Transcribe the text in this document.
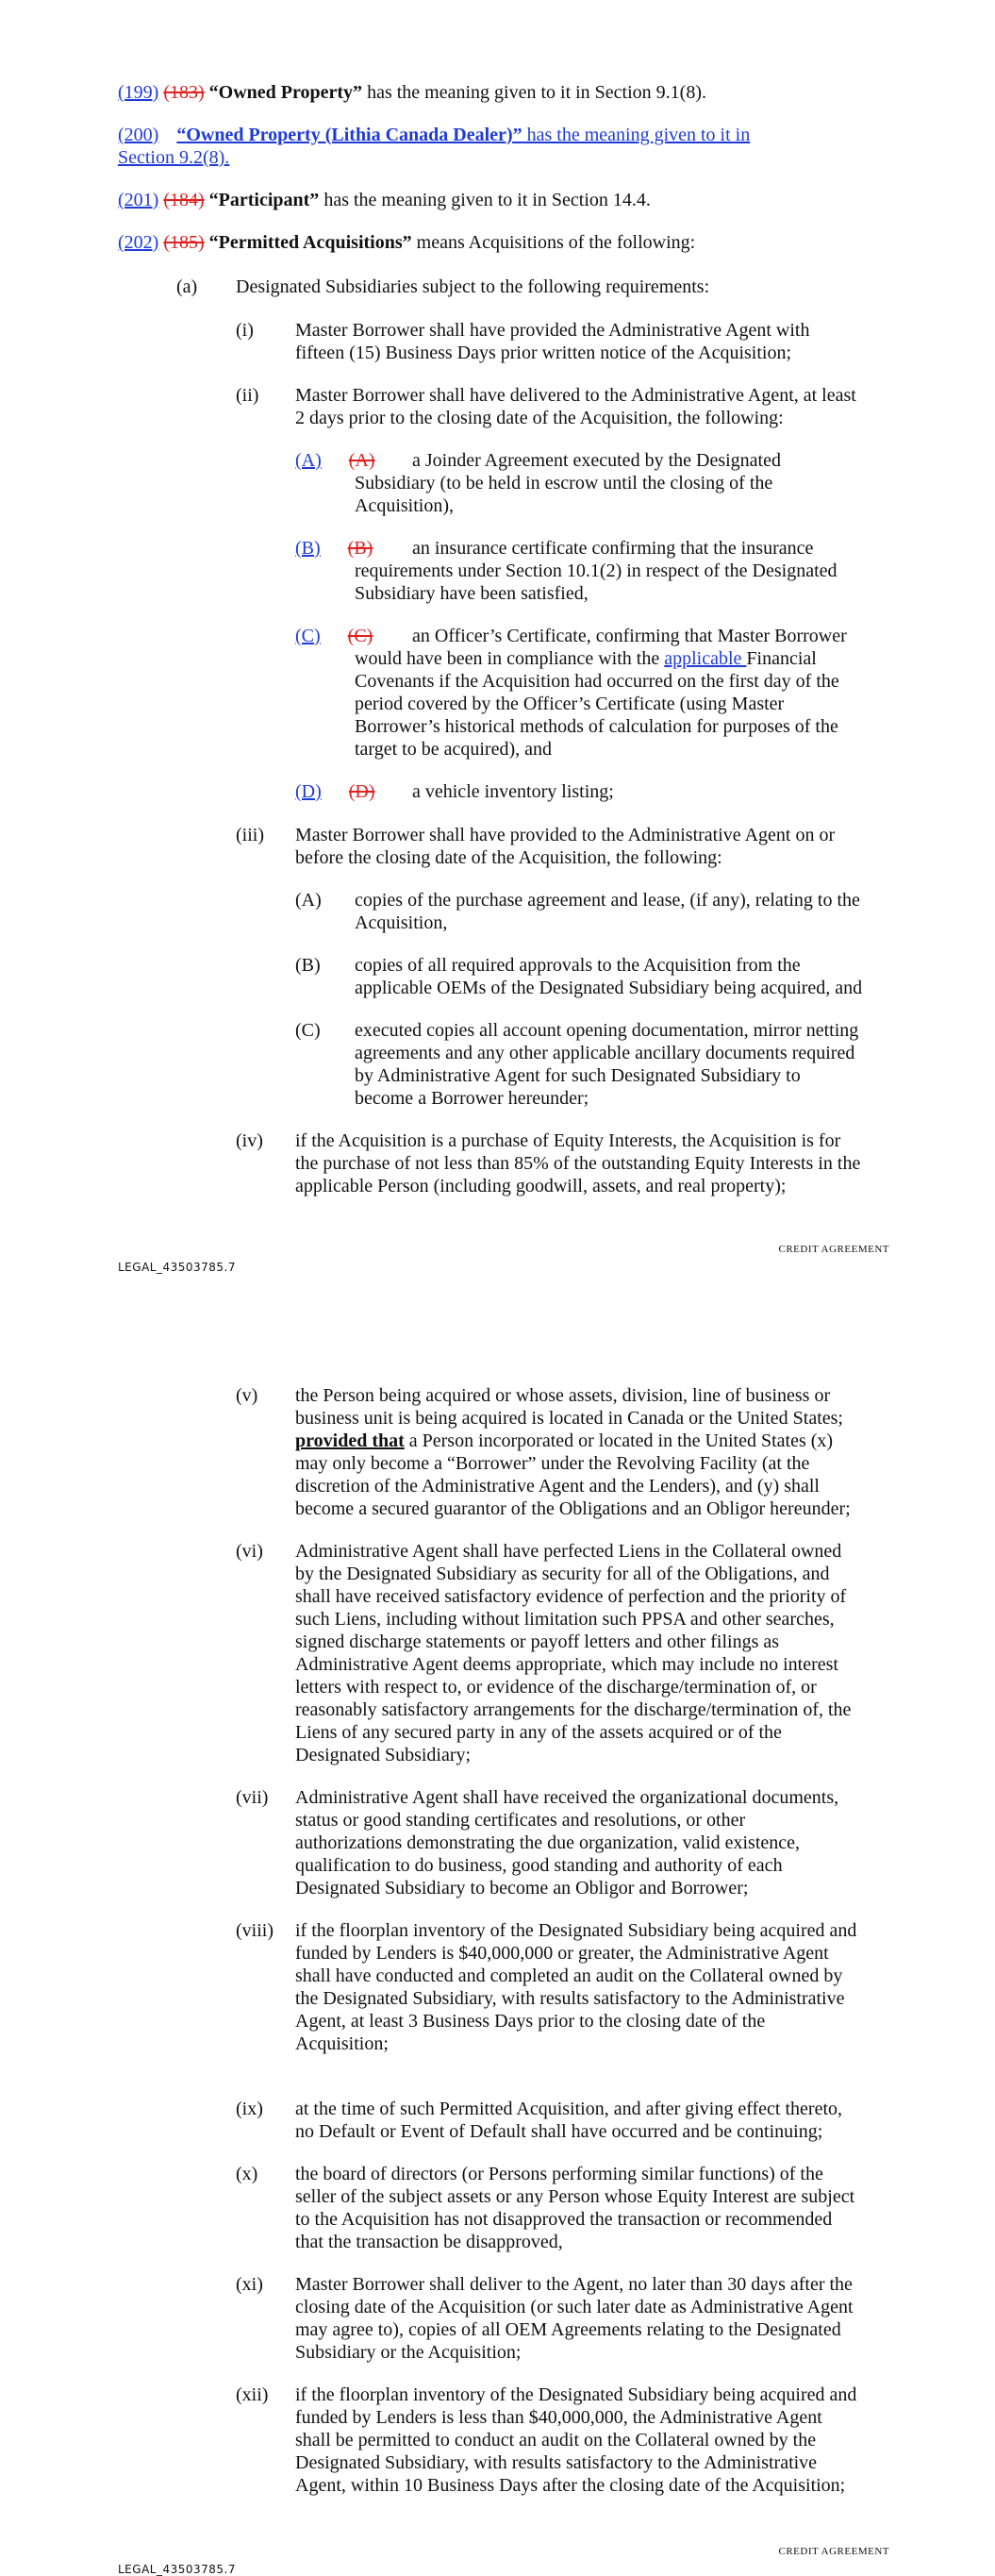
(199) (183) “Owned Property” has the meaning given to it in Section 9.1(8).

(200) “Owned Property (Lithia Canada Dealer)” has the meaning given to it in

Section 9.2(8).

(201) (184) “Participant” has the meaning given to it in Section 14.4.

(202) (185) “Permitted Acquisitions” means Acquisitions of the following:

(a) Designated Subsidiaries subject to the following requirements:

(i) Master Borrower shall have provided the Administrative Agent with

fifteen (15) Business Days prior written notice of the Acquisition;

(ii) Master Borrower shall have delivered to the Administrative Agent, at least

2 days prior to the closing date of the Acquisition, the following:

(A) (A) a Joinder Agreement executed by the Designated

Subsidiary (to be held in escrow until the closing of the

Acquisition),

(B) (B) an insurance certificate confirming that the insurance

requirements under Section 10.1(2) in respect of the Designated

Subsidiary have been satisfied,

(C) (C) an Officer’s Certificate, confirming that Master Borrower

would have been in compliance with the applicable Financial

Covenants if the Acquisition had occurred on the first day of the

period covered by the Officer’s Certificate (using Master

Borrower’s historical methods of calculation for purposes of the

target to be acquired), and

(D) (D) a vehicle inventory listing;

(iii) Master Borrower shall have provided to the Administrative Agent on or

before the closing date of the Acquisition, the following:

(A) copies of the purchase agreement and lease, (if any), relating to the

Acquisition,

(B) copies of all required approvals to the Acquisition from the

applicable OEMs of the Designated Subsidiary being acquired, and

(C) executed copies all account opening documentation, mirror netting

agreements and any other applicable ancillary documents required

by Administrative Agent for such Designated Subsidiary to

become a Borrower hereunder;

(iv) if the Acquisition is a purchase of Equity Interests, the Acquisition is for

the purchase of not less than 85% of the outstanding Equity Interests in the

applicable Person (including goodwill, assets, and real property);

CREDIT AGREEMENT
LEGAL_43503785.7

(v) the Person being acquired or whose assets, division, line of business or

business unit is being acquired is located in Canada or the United States;

provided that a Person incorporated or located in the United States (x)

may only become a “Borrower” under the Revolving Facility (at the

discretion of the Administrative Agent and the Lenders), and (y) shall

become a secured guarantor of the Obligations and an Obligor hereunder;

(vi) Administrative Agent shall have perfected Liens in the Collateral owned

by the Designated Subsidiary as security for all of the Obligations, and

shall have received satisfactory evidence of perfection and the priority of

such Liens, including without limitation such PPSA and other searches,

signed discharge statements or payoff letters and other filings as

Administrative Agent deems appropriate, which may include no interest

letters with respect to, or evidence of the discharge/termination of, or

reasonably satisfactory arrangements for the discharge/termination of, the

Liens of any secured party in any of the assets acquired or of the

Designated Subsidiary;

(vii) Administrative Agent shall have received the organizational documents,

status or good standing certificates and resolutions, or other

authorizations demonstrating the due organization, valid existence,

qualification to do business, good standing and authority of each

Designated Subsidiary to become an Obligor and Borrower;

(viii) if the floorplan inventory of the Designated Subsidiary being acquired and

funded by Lenders is $40,000,000 or greater, the Administrative Agent

shall have conducted and completed an audit on the Collateral owned by

the Designated Subsidiary, with results satisfactory to the Administrative

Agent, at least 3 Business Days prior to the closing date of the

Acquisition;

(ix) at the time of such Permitted Acquisition, and after giving effect thereto,

no Default or Event of Default shall have occurred and be continuing;

(x) the board of directors (or Persons performing similar functions) of the

seller of the subject assets or any Person whose Equity Interest are subject

to the Acquisition has not disapproved the transaction or recommended

that the transaction be disapproved,

(xi) Master Borrower shall deliver to the Agent, no later than 30 days after the

closing date of the Acquisition (or such later date as Administrative Agent

may agree to), copies of all OEM Agreements relating to the Designated

Subsidiary or the Acquisition;

(xii) if the floorplan inventory of the Designated Subsidiary being acquired and

funded by Lenders is less than $40,000,000, the Administrative Agent

shall be permitted to conduct an audit on the Collateral owned by the

Designated Subsidiary, with results satisfactory to the Administrative

Agent, within 10 Business Days after the closing date of the Acquisition;

CREDIT AGREEMENT
LEGAL_43503785.7
